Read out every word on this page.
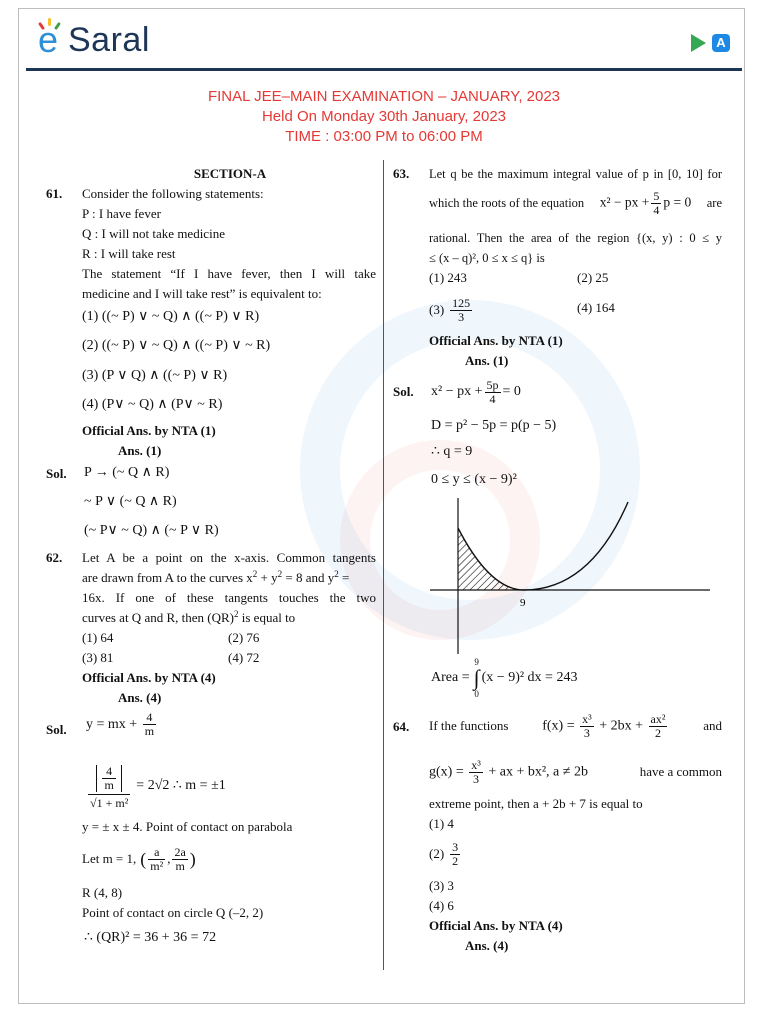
e Saral	A
FINAL JEE–MAIN EXAMINATION – JANUARY, 2023
Held On Monday 30th January, 2023
TIME : 03:00 PM to 06:00 PM
SECTION-A
61. Consider the following statements:
P : I have fever
Q : I will not take medicine
R : I will take rest
The statement “If I have fever, then I will take
medicine and I will take rest” is equivalent to:
(1) ((~ P) ∨ ~ Q) ∧ ((~ P) ∨ R)
(2) ((~ P) ∨ ~ Q) ∧ ((~ P) ∨ ~ R)
(3) (P ∨ Q) ∧ ((~ P) ∨ R)
(4) (P∨ ~ Q) ∧ (P∨ ~ R)
Official Ans. by NTA (1)
Ans. (1)
Sol. P → (~ Q ∧ R)
~ P ∨ (~ Q ∧ R)
(~ P∨ ~ Q) ∧ (~ P ∨ R)
62. Let A be a point on the x-axis. Common tangents
are drawn from A to the curves $x^2 + y^2 = 8$ and $y^2$ =
16x. If one of these tangents touches the two
curves at Q and R, then (QR)$^2$ is equal to
(1) 64	(2) 76
(3) 81	(4) 72
Official Ans. by NTA (4)
Ans. (4)
Sol. y = mx + $\frac{4}{m}$
$\frac{\frac{4}{m}}{\text{√1 + m²}} = 2√2$ ∴ m = ±1
y = ± x ± 4. Point of contact on parabola
Let m = 1, ( $\frac{a}{\text{m²}}$ , $\frac{2a}{m}$ )
R (4, 8)
Point of contact on circle Q (–2, 2)
∴ (QR)² = 36 + 36 = 72
63. Let q be the maximum integral value of p in [0, 10] for
which the roots of the equation x² − px + $\frac{5}{4}$ p = 0 are
rational. Then the area of the region {(x, y) : 0 ≤ y
≤ (x – q)², 0 ≤ x ≤ q} is
(1) 243	(2) 25
$(3) \frac{125}{3}$	(4) 164
Official Ans. by NTA (1)
Ans. (1)
Sol. x² − px + $\frac{5p}{4} = 0$
D = p² − 5p = p(p − 5)
∴ q = 9
0 ≤ y ≤ (x − 9)²
9
Area =
9
∫
0
(x − 9)² dx = 243
64. If the functions $f(x) = \frac{\text{x³}}{3} + 2bx + \frac{\text{ax²}}{2}$	and
$g(x) = \frac{\text{x³}}{3}$ + ax + bx², a ≠ 2b	have a common
extreme point, then a + 2b + 7 is equal to
(1) 4
$(2) \frac{3}{2}$
(3) 3
(4) 6
Official Ans. by NTA (4)
Ans. (4)
